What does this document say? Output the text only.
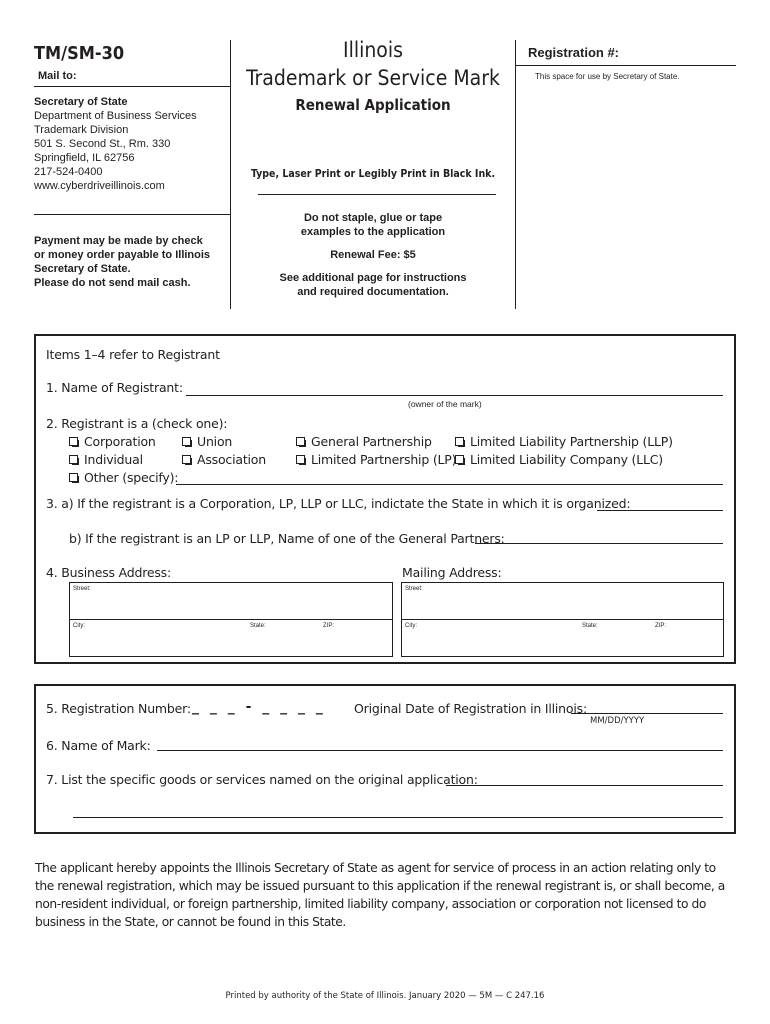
TM/SM-30
Mail to:
Secretary of State
Department of Business Services
Trademark Division
501 S. Second St., Rm. 330
Springfield, IL 62756
217-524-0400
www.cyberdriveillinois.com
Payment may be made by check
or money order payable to Illinois
Secretary of State.
Please do not send mail cash.
Illinois
Trademark or Service Mark
Renewal Application
Type, Laser Print or Legibly Print in Black Ink.
Do not staple, glue or tape
examples to the application
Renewal Fee: $5
See additional page for instructions
and required documentation.
Registration #:
This space for use by Secretary of State.
Items 1–4 refer to Registrant
1. Name of Registrant:
(owner of the mark)
2. Registrant is a (check one):
Corporation	Union	General Partnership	Limited Liability Partnership (LLP)
Individual	Association	Limited Partnership (LP)	Limited Liability Company (LLC)
Other (specify):
3. a) If the registrant is a Corporation, LP, LLP or LLC, indictate the State in which it is organized:
b) If the registrant is an LP or LLP, Name of one of the General Partners:
4. Business Address:	Mailing Address:
Street:
City:	State:	ZIP:
Street:
City:	State:	ZIP:
5. Registration Number: _ _ _ - _ _ _ _ Original Date of Registration in Illinois:
MM/DD/YYYY
6. Name of Mark:
7. List the specific goods or services named on the original application:
The applicant hereby appoints the Illinois Secretary of State as agent for service of process in an action relating only to the renewal registration, which may be issued pursuant to this application if the renewal registrant is, or shall become, a non-resident individual, or foreign partnership, limited liability company, association or corporation not licensed to do business in the State, or cannot be found in this State.
Printed by authority of the State of Illinois. January 2020 — 5M — C 247.16
